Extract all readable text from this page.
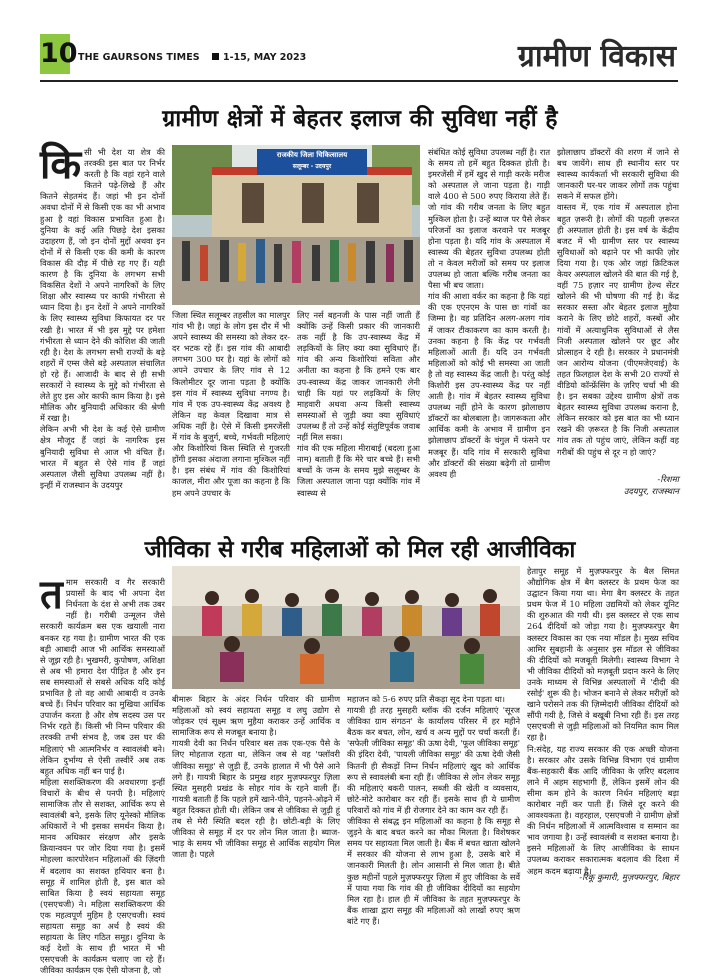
10 THE GAURSONS TIMES	1-15, MAY 2023	ग्रामीण विकास
ग्रामीण क्षेत्रों में बेहतर इलाज की सुविधा नहीं है
किसी भी देश या शेत्र की तरक्की इस बात पर निर्भर करती है कि वहां रहने वाले कितने पढ़े-लिखे हैं और कितने सेहतमंद हैं। जहां भी इन दोनों अवधा दोनों में से किसी एक का भी अभाव हुआ है वहां विकास प्रभावित हुआ है। दुनिया के कई अति पिछड़े देश इसका उदाहरण हैं, जो इन दोनों मुद्दों अथवा इन दोनों में से किसी एक की कमी के कारण विकास की दौड़ में पीछे रह गए हैं। यही कारण है कि दुनिया के लगभग सभी विकसित देशों ने अपने नागरिकों के लिए शिक्षा और स्वास्थ्य पर काफी गंभीरता से ध्यान दिया है। इन देशों ने अपने नागरिकों के लिए स्वास्थ्य सुविधा किफायत दर पर रखी है। भारत में भी इस मुद्दे पर हमेशा गंभीरता से ध्यान देने की कोशिश की जाती रही है। देश के लगभग सभी राज्यों के बड़े शहरों में एम्स जैसे बड़े अस्पताल संचालित हो रहे हैं। आजादी के बाद से ही सभी सरकारों ने स्वास्थ्य के मुद्दे को गंभीरता से लेते हुए इस ओर काफी काम किया है। इसे मौलिक और बुनियादी अधिकार की श्रेणी में रखा है।
लेकिन अभी भी देश के कई ऐसे ग्रामीण क्षेत्र मौजूद हैं जहां के नागरिक इस बुनियादी सुविधा से आज भी वंचित हैं। भारत में बहुत से ऐसे गांव हैं जहां अस्पताल जैसी सुविधा उपलब्ध नहीं है। इन्हीं में राजस्थान के उदयपुर
राजकीय जिला चिकित्सालय
सलूम्बर - उदयपुर
जिला स्थित सलूम्बर तहसील का मालपुर गांव भी है। जहां के लोग इस दौर में भी अपने स्वास्थ्य की समस्या को लेकर दर-दर भटक रहे हैं। इस गांव की आबादी लगभग 300 घर है। यहां के लोगों को अपने उपचार के लिए गांव से 12 किलोमीटर दूर जाना पड़ता है क्योंकि इस गांव में स्वास्थ्य सुविधा नगण्य है। गांव में एक उप-स्वास्थ्य केंद्र अवश्य है लेकिन वह केवल दिखावा मात्र से अधिक नहीं है। ऐसे में किसी इमरजेंसी में गांव के बुजुर्ग, बच्चे, गर्भवती महिलाएं और किशोरियां किस स्थिति से गुजरती होंगी इसका अंदाजा लगाना मुश्किल नहीं है। इस संबंध में गांव की किशोरियां काजल, मीरा और पूजा का कहना है कि हम अपने उपचार के
लिए नर्स बहनजी के पास नहीं जाती हैं क्योंकि उन्हें किसी प्रकार की जानकारी तक नहीं है कि उप-स्वास्थ्य केंद्र में लड़कियों के लिए क्या क्या सुविधाएं हैं। गांव की अन्य किशोरियां सविता और अनीता का कहना है कि हमने एक बार उप-स्वास्थ्य केंद्र जाकर जानकारी लेनी चाही कि यहां पर लड़कियों के लिए माहवारी अथवा अन्य किसी स्वास्थ्य समस्याओं से जुड़ी क्या क्या सुविधाएं उपलब्ध हैं तो उन्हें कोई संतुष्टिपूर्वक जवाब नहीं मिल सका।
गांव की एक महिला मीराबाई (बदला हुआ नाम) बताती हैं कि मेरे चार बच्चे हैं। सभी बच्चों के जन्म के समय मुझे सलूम्बर के जिला अस्पताल जाना पड़ा क्योंकि गांव में स्वास्थ्य से
संबंधित कोई सुविधा उपलब्ध नहीं है। रात के समय तो हमें बहुत दिक्कत होती है। इमरजेंसी में हमें खुद से गाड़ी करके मरीज को अस्पताल ले जाना पड़ता है। गाड़ी वाले 400 से 500 रुपए किराया लेते हैं। जो गांव की गरीब जनता के लिए बहुत मुश्किल होता है। उन्हें ब्याज पर पैसे लेकर परिजनों का इलाज करवाने पर मजबूर होना पड़ता है। यदि गांव के अस्पताल में स्वास्थ्य की बेहतर सुविधा उपलब्ध होती तो न केवल मरीजों को समय पर इलाज उपलब्ध हो जाता बल्कि गरीब जनता का पैसा भी बच जाता।
गांव की आशा वर्कर का कहना है कि यहां की एक एएनएम के पास छः गांवों का जिम्मा है। वह प्रतिदिन अलग-अलग गांव में जाकर टीकाकरण का काम करती है। उनका कहना है कि केंद्र पर गर्भवती महिलाओं आती हैं। यदि उन गर्भवती महिलाओं को कोई भी समस्या आ जाती है तो वह स्वास्थ्य केंद्र जाती है। परंतु कोई किशोरी इस उप-स्वास्थ्य केंद्र पर नहीं आती है। गांव में बेहतर स्वास्थ्य सुविधा उपलब्ध नहीं होने के कारण झोलाछाप डॉक्टरों का बोलबाला है। जागरूकता और आर्थिक कमी के अभाव में ग्रामीण इन झोलाछाप डॉक्टरों के चंगुल में फंसने पर मजबूर हैं। यदि गांव में सरकारी सुविधा और डॉक्टरों की संख्या बढ़ेगी तो ग्रामीण अवश्य ही
झोलाछाप डॉक्टरों की शरण में जाने से बच जायेंगे। साथ ही स्थानीय स्तर पर स्वास्थ्य कार्यकर्ता भी सरकारी सुविधा की जानकारी घर-घर जाकर लोगों तक पहुंचा सकने में सफल होंगे।
वास्तव में, एक गांव में अस्पताल होना बहुत ज़रूरी है। लोगों की पहली ज़रूरत ही अस्पताल होती है। इस वर्ष के केंद्रीय बजट में भी ग्रामीण स्तर पर स्वास्थ्य सुविधाओं को बढ़ाने पर भी काफी ज़ोर दिया गया है। एक ओर जहां क्रिटिकल केयर अस्पताल खोलने की बात की गई है, वहीं 75 हज़ार नए ग्रामीण हेल्थ सेंटर खोलने की भी घोषणा की गई है। केंद्र सरकार सस्ता और बेहतर इलाज मुहैया कराने के लिए छोटे शहरों, कस्बों और गांवों में अत्याधुनिक सुविधाओं से लैस निजी अस्पताल खोलने पर छूट और प्रोत्साहन दे रही है। सरकार ने प्रधानमंत्री जन आरोग्य योजना (पीएमजेएवाई) के तहत फ़िलहाल देश के सभी 20 राज्यों से वीडियो कॉन्फ्रेंसिंग के ज़रिए चर्चा भी की है। इन सबका उद्देश्य ग्रामीण क्षेत्रों तक बेहतर स्वास्थ्य सुविधा उपलब्ध कराना है, लेकिन सरकार को इस बात का भी ध्यान रखने की ज़रूरत है कि निजी अस्पताल गांव तक तो पहुंच जाएं, लेकिन कहीं वह गरीबों की पहुंच से दूर न हो जाएं?
-रिशमा
उदयपुर, राजस्थान
जीविका से गरीब महिलाओं को मिल रही आजीविका

तमाम सरकारी व गैर सरकारी प्रयासों के बाद भी अपना देश निर्धनता के दंश से अभी तक उबर नहीं है। गरीबी उन्मूलन जैसे सरकारी कार्यक्रम बस एक खयाली नारा बनकर रह गया है। ग्रामीण भारत की एक बड़ी आबादी आज भी आर्थिक समस्याओं से जूझ रही है। भुखमरी, कुपोषण, अशिक्षा से अब भी हमारा देश पीड़ित है और इन सब समस्याओं से सबसे अधिक यदि कोई प्रभावित है तो वह आधी आबादी व उनके बच्चे हैं। निर्धन परिवार का मुखिया आर्थिक उपार्जन करता है और शेष सदस्य उस पर निर्भर रहते हैं। किसी भी निम्न परिवार की तरक्की तभी संभव है, जब उस घर की महिलाएं भी आत्मनिर्भर व स्वावलंबी बने। लेकिन दुर्भाग्य से ऐसी तस्वीरें अब तक बहुत अधिक नहीं बन पाई है।
महिला सशक्तिकरण की अवधारणा इन्हीं विचारों के बीच से पनपी है। महिलाएं सामाजिक तौर से सशक्त, आर्थिक रूप से स्वावलंबी बने, इसके लिए यूनेस्को मौलिक अधिकारों ने भी इसका समर्थन किया है। मानव अधिकार संरक्षण और इसके क्रियान्वयन पर जोर दिया गया है। इसमें मोहल्ला कारपोरेशन महिलाओं की ज़िंदगी में बदलाव का सशक्त हथियार बना है। समूह में शामिल होती है, इस बात को साबित किया है स्वयं सहायता समूह (एसएचजी) ने। महिला सशक्तिकरण की एक महत्वपूर्ण मुहिम है एसएचजी। स्वयं सहायता समूह का अर्थ है स्वयं की सहायता के लिए गठित समूह। दुनिया के कई देशों के साथ ही भारत में भी एसएचजी के कार्यक्रम चलाए जा रहे हैं। जीविका कार्यक्रम एक ऐसी योजना है, जो

बीमारू बिहार के अंदर निर्धन परिवार की ग्रामीण महिलाओं को स्वयं सहायता समूह व लघु उद्योग से जोड़कर एवं सूक्ष्म ऋण मुहैया कराकर उन्हें आर्थिक व सामाजिक रूप से मजबूत बनाया है।
गायत्री देवी का निर्धन परिवार बस तक एक-एक पैसे के लिए मोहताज रहता था, लेकिन जब से वह 'फ्लॉवरी जीविका समूह' से जुड़ी हैं, उनके हालात में भी पैसे आने लगे हैं। गायत्री बिहार के प्रमुख शहर मुज़फ्फरपुर ज़िला स्थित मुसहरी प्रखंड के सोहर गांव के रहने वाली हैं। गायत्री बताती हैं कि पहले हमें खाने-पीने, पहनने-ओढ़ने में बहुत दिक्कत होती थी। लेकिन जब से जीविका से जुड़ी हूं तब से मेरी स्थिति बदल रही है। छोटी-बड़ी के लिए जीविका से समूह में दर पर लोन मिल जाता है। ब्याज-भाड़ के समय भी जीविका समूह से आर्थिक सहयोग मिल जाता है। पहले
महाजन को 5-6 रुपए प्रति सैकड़ा सूद देना पड़ता था।
गायत्री ही तरह मुसहरी ब्लॉक की दर्जन महिलाएं 'सूरज जीविका ग्राम संगठन' के कार्यालय परिसर में हर महीने बैठक कर बचत, लोन, खर्च व अन्य मुद्दों पर चर्चा करती हैं। 'सफेली जीविका समूह' की ऊषा देवी, 'फूल जीविका समूह' की इंदिरा देवी, 'पायली जीविका समूह' की ऊषा देवी जैसी कितनी ही सैकड़ों निम्न निर्धन महिलाएं खुद को आर्थिक रूप से स्वावलंबी बना रही हैं। जीविका से लोन लेकर समूह की महिलाएं बकरी पालन, सब्जी की खेती व व्यवसाय, छोटे-मोटे कारोबार कर रही हैं। इसके साथ ही ये ग्रामीण परिवारों को गांव में ही रोजगार देने का काम कर रही हैं।
जीविका से संबद्ध इन महिलाओं का कहना है कि समूह से जुड़ने के बाद बचत करने का मौका मिलता है। विशेषकर समय पर सहायता मिल जाती है। बैंक में बचत खाता खोलने में सरकार की योजना से लाभ हुआ है, उसके बारे में जानकारी मिलती है। लोन आसानी से मिल जाता है। बीते कुछ महीनों पहले मुज़फ्फरपुर ज़िला में हुए जीविका के सर्वे में पाया गया कि गांव की ही जीविका दीदियों का सहयोग मिल रहा है। हाल ही में जीविका के तहत मुज़फ्फरपुर के बैंक शाखा द्वारा समूह की महिलाओं को लाखों रुपए ऋण बांटे गए हैं।
हेतापुर समूह में मुज़फ्फरपुर के बैल सिमत औद्योगिक क्षेत्र में बैग क्लस्टर के प्रथम फेज का उद्घाटन किया गया था। मेगा बैग क्लस्टर के तहत प्रथम फेज में 10 महिला उद्यमियों को लेकर यूनिट की शुरुआत की गयी थी। इस क्लस्टर से एक साथ 264 दीदियों को जोड़ा गया है। मुज़फ्फरपुर बैग क्लस्टर विकास का एक नया मॉडल है। मुख्य सचिव आमिर सुबहानी के अनुसार इस मॉडल से जीविका की दीदियों को मजबूती मिलेगी। स्वास्थ्य विभाग ने भी जीविका दीदियों को मज़बूती प्रदान करने के लिए उनके माध्यम से विभिन्न अस्पतालों में 'दीदी की रसोई' शुरू की है। भोजन बनाने से लेकर मरीज़ों को खाने परोसने तक की ज़िम्मेदारी जीविका दीदियों को सौंपी गयी है, जिसे वे बखूबी निभा रही हैं। इस तरह एसएचजी से जुड़ी महिलाओं को नियमित काम मिल रहा है।
नि:संदेह, यह राज्य सरकार की एक अच्छी योजना है। सरकार और उसके विभिन्न विभाग एवं ग्रामीण बैंक-सहकारी बैंक आदि जीविका के ज़रिए बदलाव लाने में अहम सहभागी हैं, लेकिन इसमें लोन की सीमा कम होने के कारण निर्धन महिलाएं बड़ा कारोबार नहीं कर पाती हैं। जिसे दूर करने की आवश्यकता है। वहरहाल, एसएचजी ने ग्रामीण क्षेत्रों की निर्धन महिलाओं में आत्मविश्वास व सम्मान का भाव जगाया है। उन्हें स्वावलंबी व सशक्त बनाया है। इसने महिलाओं के लिए आजीविका के साधन उपलब्ध कराकर सकारात्मक बदलाव की दिशा में अहम कदम बढ़ाया है।
-रिंकू कुमारी, मुज़फ्फरपुर, बिहार
